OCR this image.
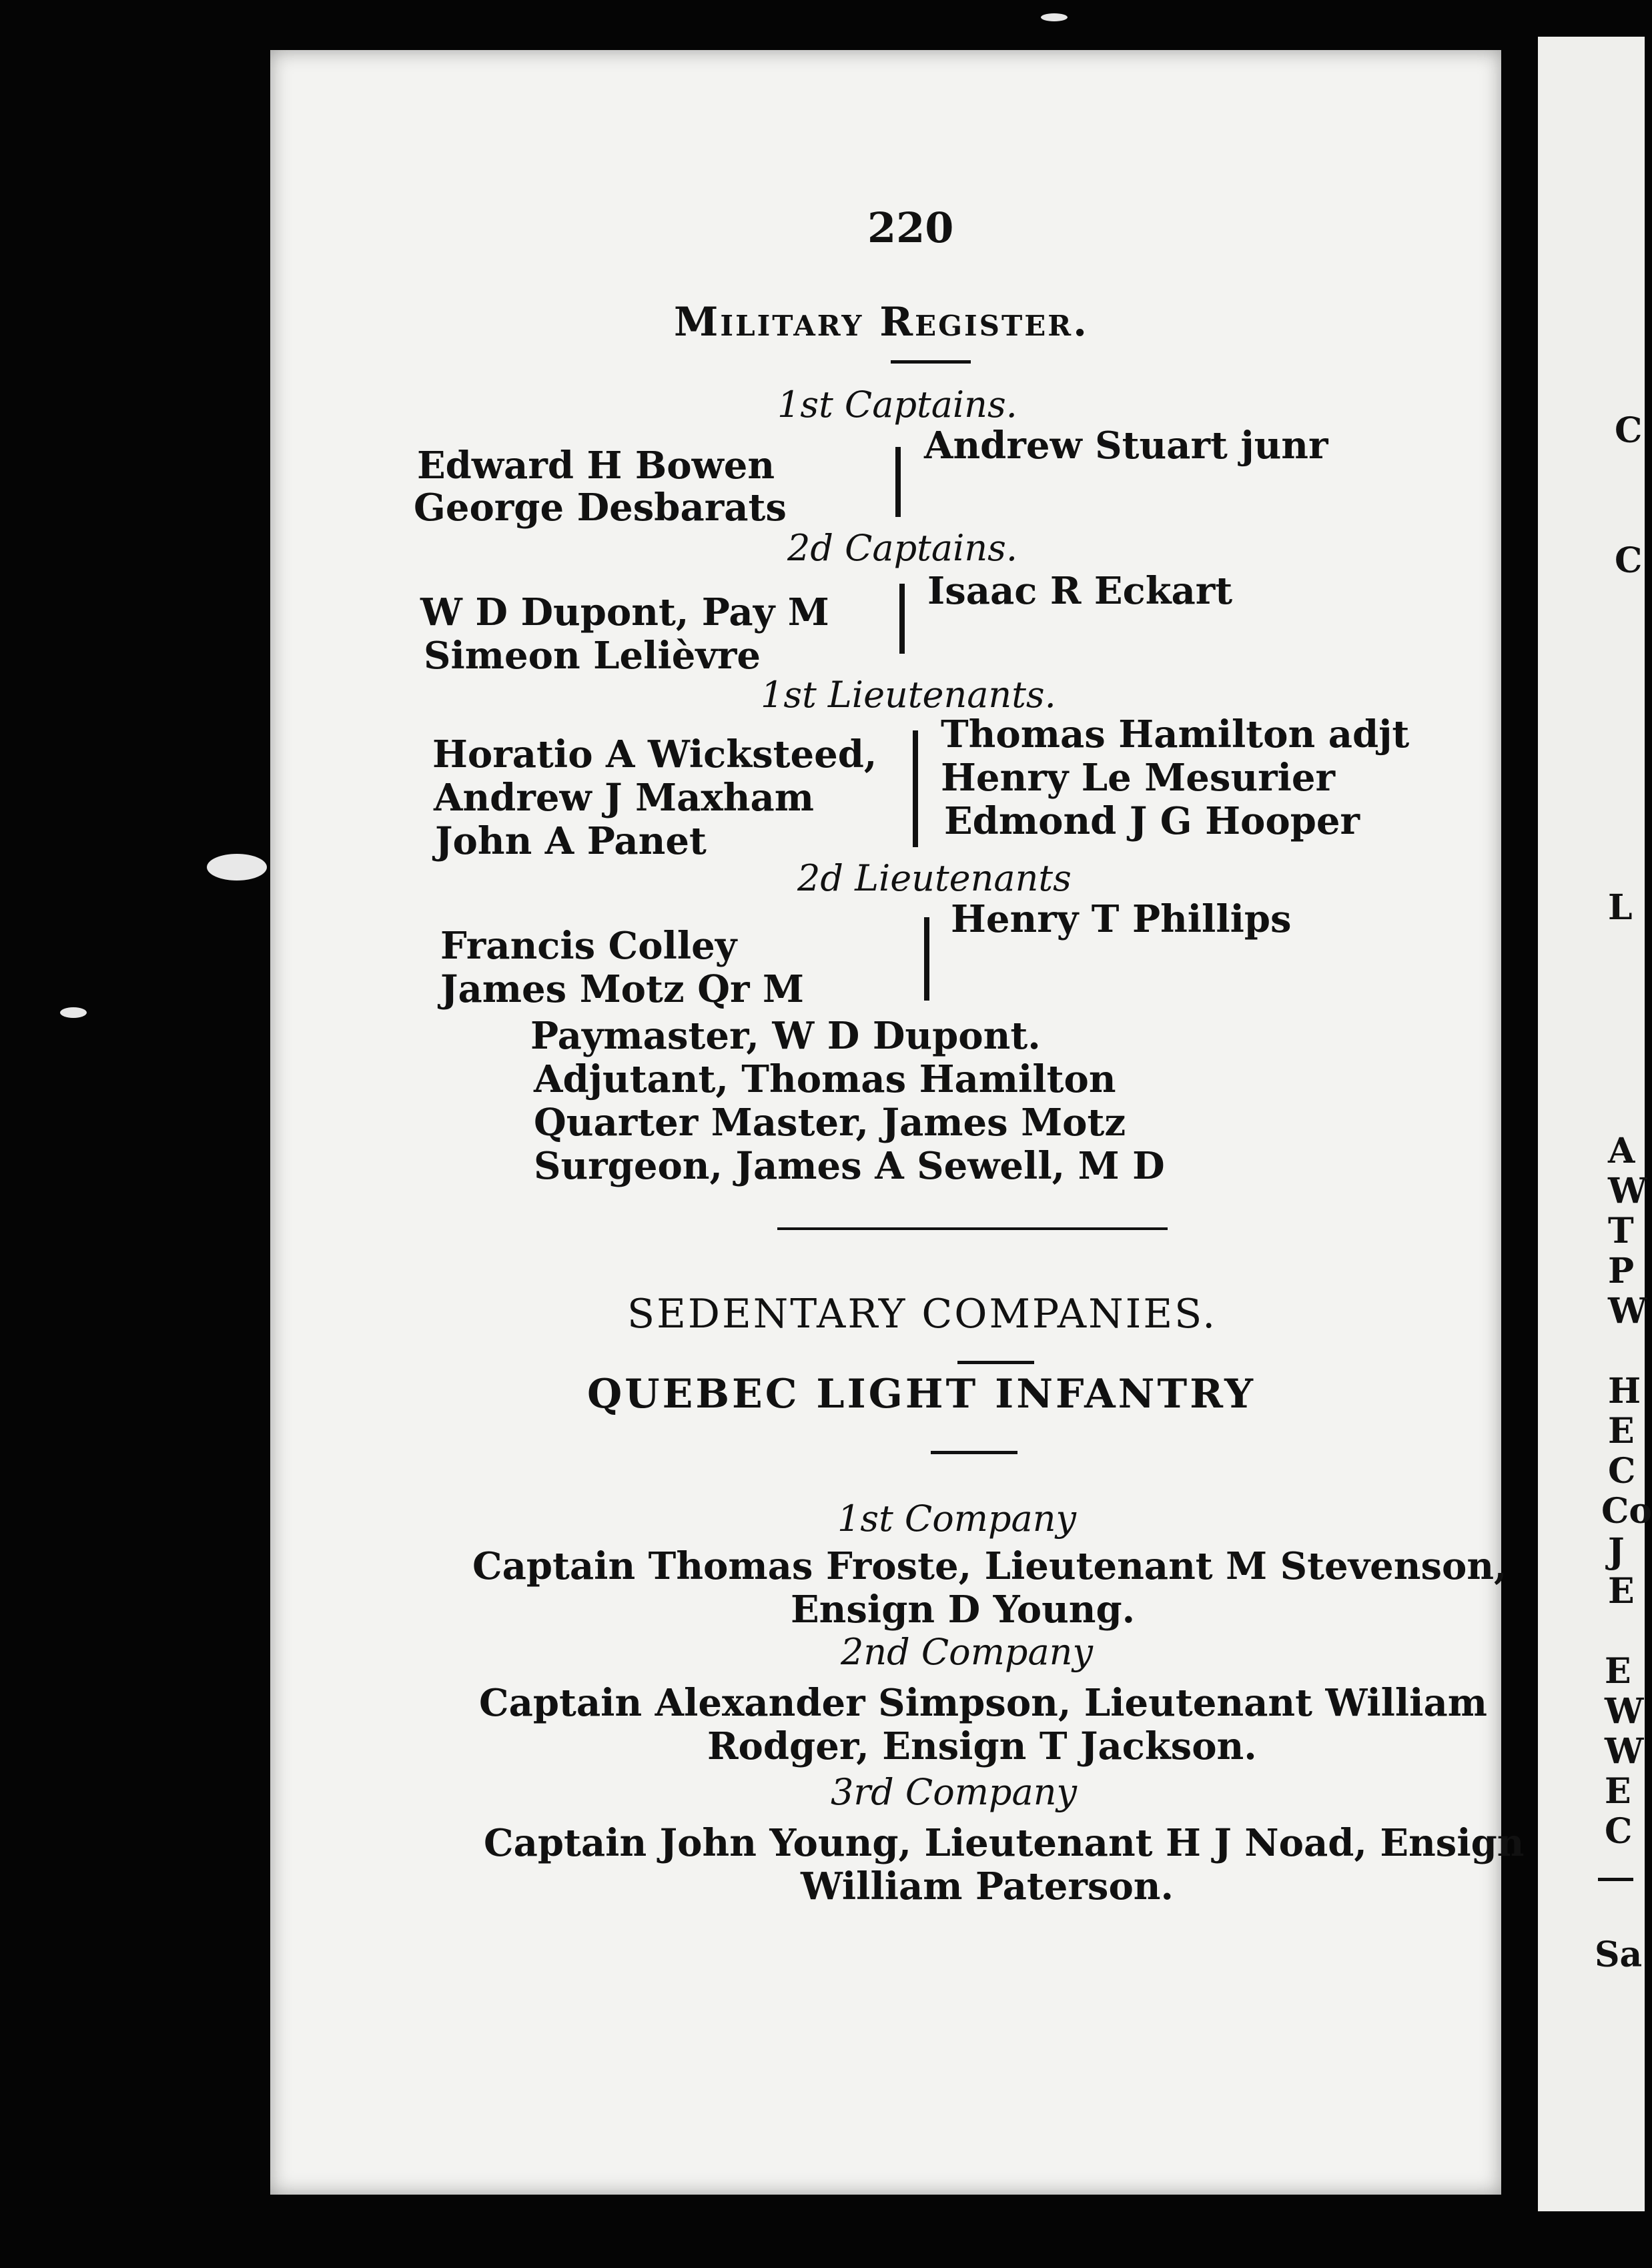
220
Military Register.
1st Captains.
Edward H Bowen
George Desbarats
Andrew Stuart junr
2d Captains.
W D Dupont, Pay M
Simeon Lelièvre
Isaac R Eckart
1st Lieutenants.
Horatio A Wicksteed,
Andrew J Maxham
John A Panet
Thomas Hamilton adjt
Henry Le Mesurier
Edmond J G Hooper
2d Lieutenants
Francis Colley
James Motz Qr M
Henry T Phillips
Paymaster, W D Dupont.
Adjutant, Thomas Hamilton
Quarter Master, James Motz
Surgeon, James A Sewell, M D
SEDENTARY COMPANIES.
QUEBEC LIGHT INFANTRY
1st Company
Captain Thomas Froste, Lieutenant M Stevenson,
Ensign D Young.
2nd Company
Captain Alexander Simpson, Lieutenant William
Rodger, Ensign T Jackson.
3rd Company
Captain John Young, Lieutenant H J Noad, Ensign
William Paterson.
C
C
L
A
W
T
P
W
H
E
C
Co
J
E
E
W
W
E
C
Sa
